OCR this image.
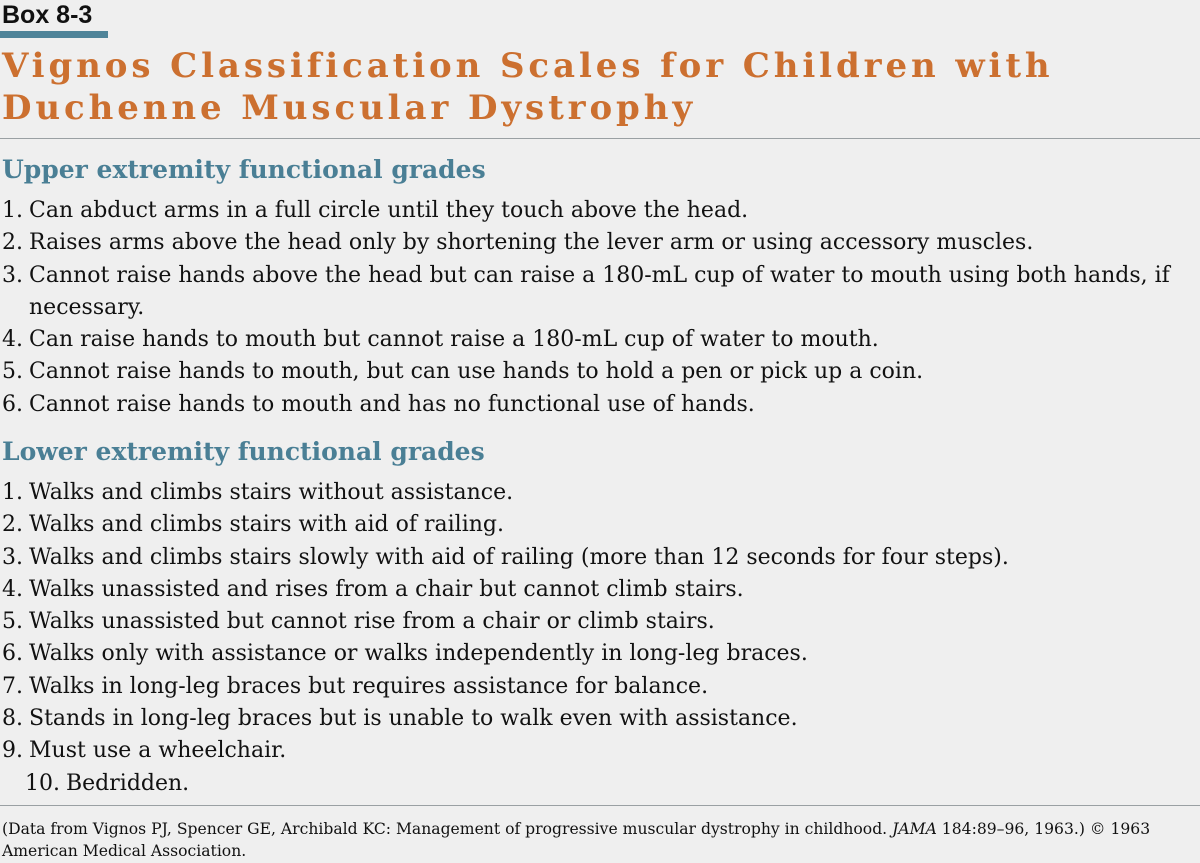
Box 8-3
Vignos Classification Scales for Children with Duchenne Muscular Dystrophy
Upper extremity functional grades
1. Can abduct arms in a full circle until they touch above the head.
2. Raises arms above the head only by shortening the lever arm or using accessory muscles.
3. Cannot raise hands above the head but can raise a 180-mL cup of water to mouth using both hands, if necessary.
4. Can raise hands to mouth but cannot raise a 180-mL cup of water to mouth.
5. Cannot raise hands to mouth, but can use hands to hold a pen or pick up a coin.
6. Cannot raise hands to mouth and has no functional use of hands.
Lower extremity functional grades
1. Walks and climbs stairs without assistance.
2. Walks and climbs stairs with aid of railing.
3. Walks and climbs stairs slowly with aid of railing (more than 12 seconds for four steps).
4. Walks unassisted and rises from a chair but cannot climb stairs.
5. Walks unassisted but cannot rise from a chair or climb stairs.
6. Walks only with assistance or walks independently in long-leg braces.
7. Walks in long-leg braces but requires assistance for balance.
8. Stands in long-leg braces but is unable to walk even with assistance.
9. Must use a wheelchair.
10. Bedridden.

(Data from Vignos PJ, Spencer GE, Archibald KC: Management of progressive muscular dystrophy in childhood. JAMA 184:89–96, 1963.) © 1963 American Medical Association.
